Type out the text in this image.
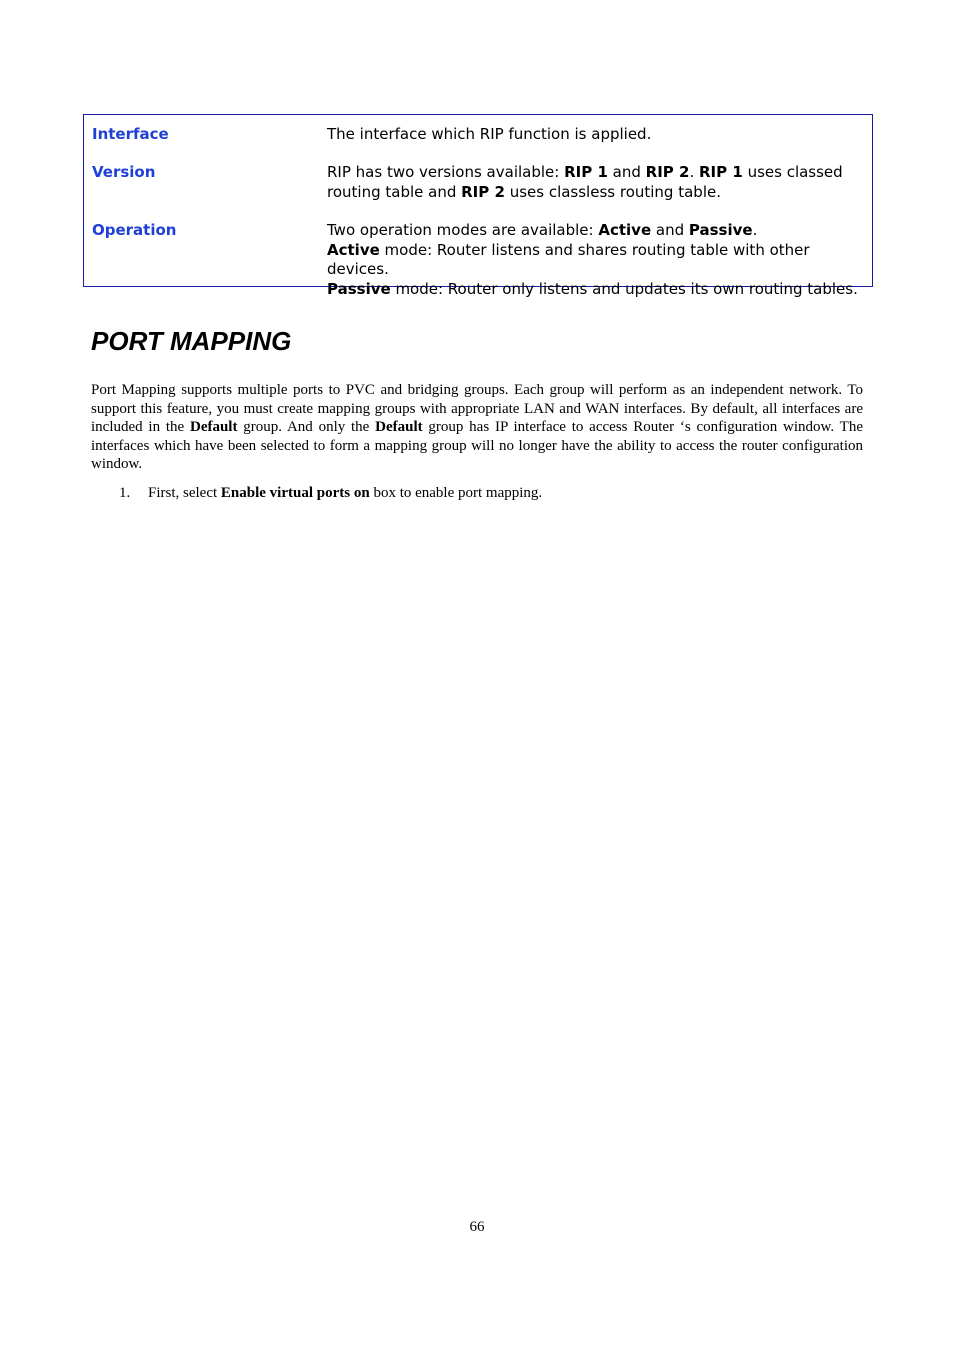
Interface	The interface which RIP function is applied.
Version	RIP has two versions available: RIP 1 and RIP 2. RIP 1 uses classed routing table and RIP 2 uses classless routing table.
Operation	Two operation modes are available: Active and Passive.
Active mode: Router listens and shares routing table with other devices.
Passive mode: Router only listens and updates its own routing tables.
PORT MAPPING

Port Mapping supports multiple ports to PVC and bridging groups. Each group will perform as an independent network. To support this feature, you must create mapping groups with appropriate LAN and WAN interfaces. By default, all interfaces are included in the Default group. And only the Default group has IP interface to access Router ‘s configuration window. The interfaces which have been selected to form a mapping group will no longer have the ability to access the router configuration window.

1. First, select Enable virtual ports on box to enable port mapping.
66
